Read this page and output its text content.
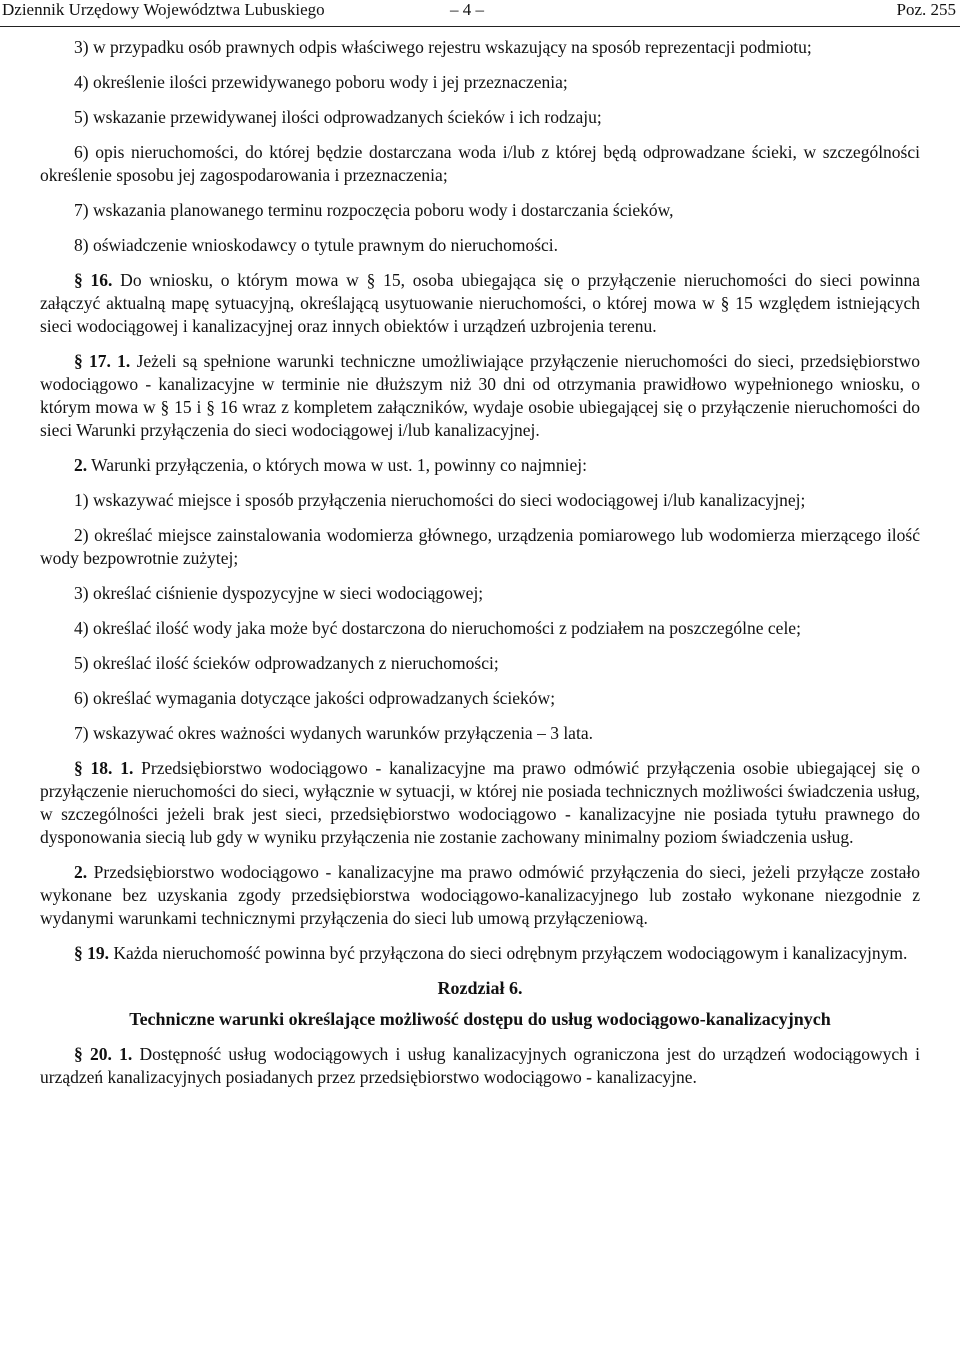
Dziennik Urzędowy Województwa Lubuskiego	– 4 –	Poz. 255

3) w przypadku osób prawnych odpis właściwego rejestru wskazujący na sposób reprezentacji podmiotu;

4) określenie ilości przewidywanego poboru wody i jej przeznaczenia;

5) wskazanie przewidywanej ilości odprowadzanych ścieków i ich rodzaju;

6) opis nieruchomości, do której będzie dostarczana woda i/lub z której będą odprowadzane ścieki, w szczególności określenie sposobu jej zagospodarowania i przeznaczenia;

7) wskazania planowanego terminu rozpoczęcia poboru wody i dostarczania ścieków,

8) oświadczenie wnioskodawcy o tytule prawnym do nieruchomości.

§ 16. Do wniosku, o którym mowa w § 15, osoba ubiegająca się o przyłączenie nieruchomości do sieci powinna załączyć aktualną mapę sytuacyjną, określającą usytuowanie nieruchomości, o której mowa w § 15 względem istniejących sieci wodociągowej i kanalizacyjnej oraz innych obiektów i urządzeń uzbrojenia terenu.

§ 17. 1. Jeżeli są spełnione warunki techniczne umożliwiające przyłączenie nieruchomości do sieci, przedsiębiorstwo wodociągowo - kanalizacyjne w terminie nie dłuższym niż 30 dni od otrzymania prawidłowo wypełnionego wniosku, o którym mowa w § 15 i § 16 wraz z kompletem załączników, wydaje osobie ubiegającej się o przyłączenie nieruchomości do sieci Warunki przyłączenia do sieci wodociągowej i/lub kanalizacyjnej.

2. Warunki przyłączenia, o których mowa w ust. 1, powinny co najmniej:

1) wskazywać miejsce i sposób przyłączenia nieruchomości do sieci wodociągowej i/lub kanalizacyjnej;

2) określać miejsce zainstalowania wodomierza głównego, urządzenia pomiarowego lub wodomierza mierzącego ilość wody bezpowrotnie zużytej;

3) określać ciśnienie dyspozycyjne w sieci wodociągowej;

4) określać ilość wody jaka może być dostarczona do nieruchomości z podziałem na poszczególne cele;

5) określać ilość ścieków odprowadzanych z nieruchomości;

6) określać wymagania dotyczące jakości odprowadzanych ścieków;

7) wskazywać okres ważności wydanych warunków przyłączenia – 3 lata.

§ 18. 1. Przedsiębiorstwo wodociągowo - kanalizacyjne ma prawo odmówić przyłączenia osobie ubiegającej się o przyłączenie nieruchomości do sieci, wyłącznie w sytuacji, w której nie posiada technicznych możliwości świadczenia usług, w szczególności jeżeli brak jest sieci, przedsiębiorstwo wodociągowo - kanalizacyjne nie posiada tytułu prawnego do dysponowania siecią lub gdy w wyniku przyłączenia nie zostanie zachowany minimalny poziom świadczenia usług.

2. Przedsiębiorstwo wodociągowo - kanalizacyjne ma prawo odmówić przyłączenia do sieci, jeżeli przyłącze zostało wykonane bez uzyskania zgody przedsiębiorstwa wodociągowo-kanalizacyjnego lub zostało wykonane niezgodnie z wydanymi warunkami technicznymi przyłączenia do sieci lub umową przyłączeniową.

§ 19. Każda nieruchomość powinna być przyłączona do sieci odrębnym przyłączem wodociągowym i kanalizacyjnym.

Rozdział 6.

Techniczne warunki określające możliwość dostępu do usług wodociągowo-kanalizacyjnych

§ 20. 1. Dostępność usług wodociągowych i usług kanalizacyjnych ograniczona jest do urządzeń wodociągowych i urządzeń kanalizacyjnych posiadanych przez przedsiębiorstwo wodociągowo - kanalizacyjne.
